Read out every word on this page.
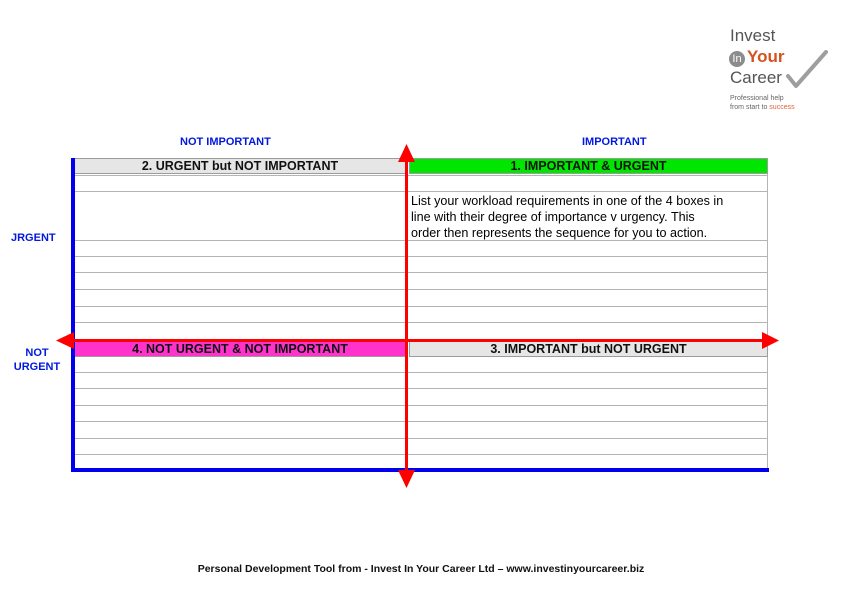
Invest
In Your
Career
Professional help
from start to success
NOT IMPORTANT	IMPORTANT
JRGENT
NOT
URGENT
2. URGENT but NOT IMPORTANT	1. IMPORTANT & URGENT
4. NOT URGENT & NOT IMPORTANT	3. IMPORTANT but NOT URGENT
List your workload requirements in one of the 4 boxes in
line with their degree of importance v urgency. This
order then represents the sequence for you to action.
Personal Development Tool from - Invest In Your Career Ltd – www.investinyourcareer.biz
